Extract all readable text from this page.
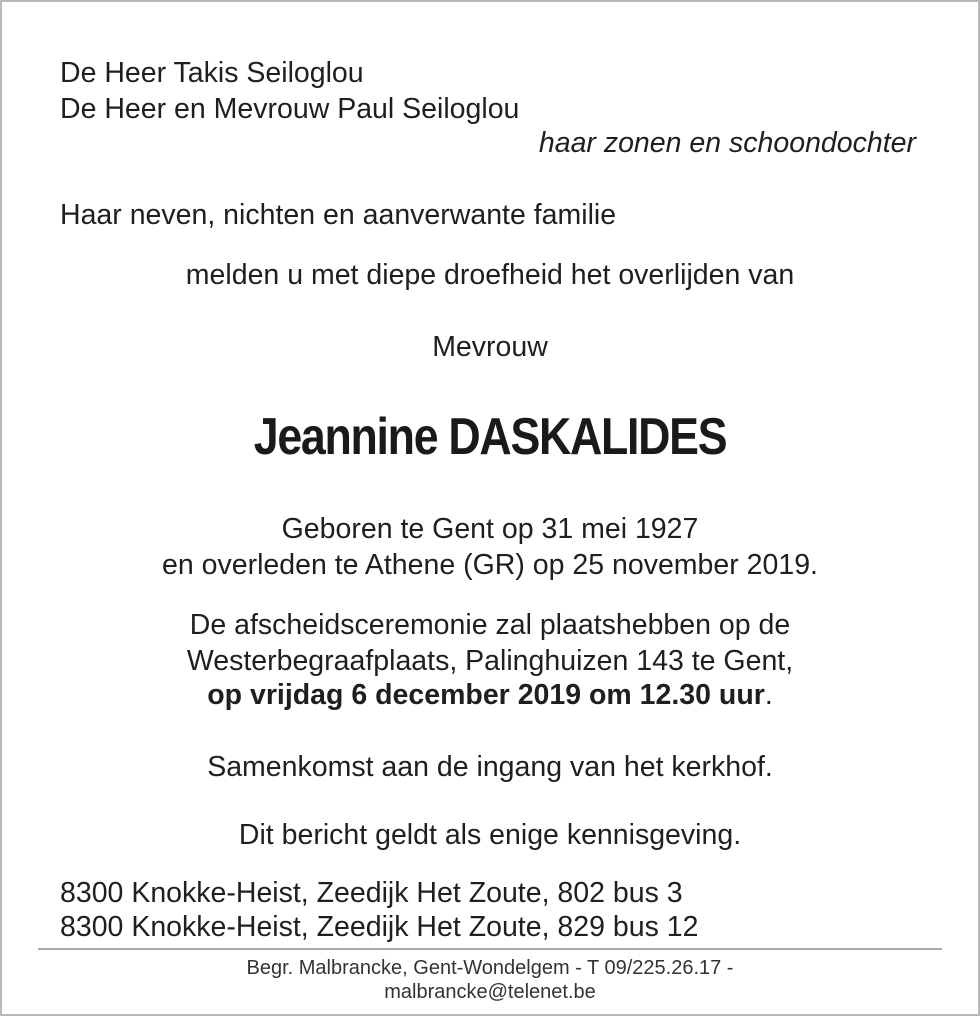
De Heer Takis Seiloglou
De Heer en Mevrouw Paul Seiloglou
haar zonen en schoondochter
Haar neven, nichten en aanverwante familie
melden u met diepe droefheid het overlijden van
Mevrouw
Jeannine DASKALIDES
Geboren te Gent op 31 mei 1927
en overleden te Athene (GR) op 25 november 2019.
De afscheidsceremonie zal plaatshebben op de
Westerbegraafplaats, Palinghuizen 143 te Gent,
op vrijdag 6 december 2019 om 12.30 uur.
Samenkomst aan de ingang van het kerkhof.
Dit bericht geldt als enige kennisgeving.
8300 Knokke-Heist, Zeedijk Het Zoute, 802 bus 3
8300 Knokke-Heist, Zeedijk Het Zoute, 829 bus 12
Begr. Malbrancke, Gent-Wondelgem - T 09/225.26.17 -
malbrancke@telenet.be
